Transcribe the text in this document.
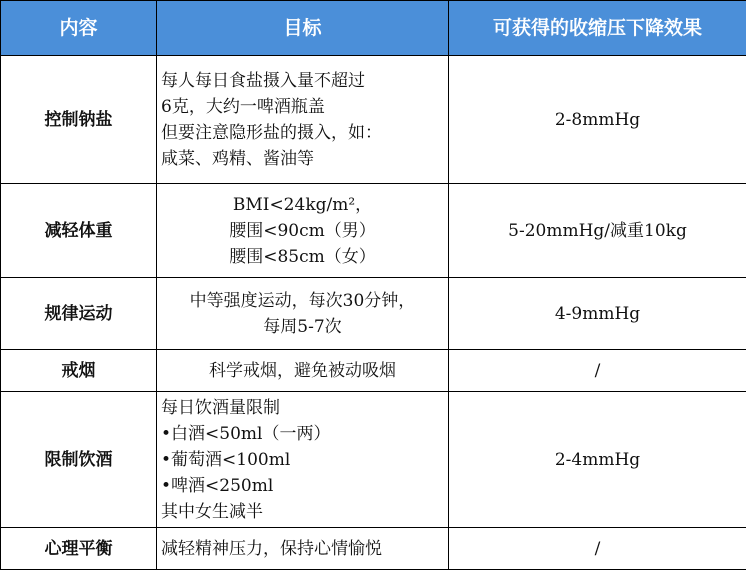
内容	目标	可获得的收缩压下降效果
控制钠盐	每人每日食盐摄入量不超过
6克，大约一啤酒瓶盖
但要注意隐形盐的摄入，如：
咸菜、鸡精、酱油等	2-8mmHg
减轻体重	BMI<24kg/m²，
腰围<90cm（男）
腰围<85cm（女）	5-20mmHg/减重10kg
规律运动	中等强度运动，每次30分钟，
每周5-7次	4-9mmHg
戒烟	科学戒烟，避免被动吸烟	/
限制饮酒	每日饮酒量限制
•白酒<50ml（一两）
•葡萄酒<100ml
•啤酒<250ml
其中女生减半	2-4mmHg
心理平衡	减轻精神压力，保持心情愉悦	/
